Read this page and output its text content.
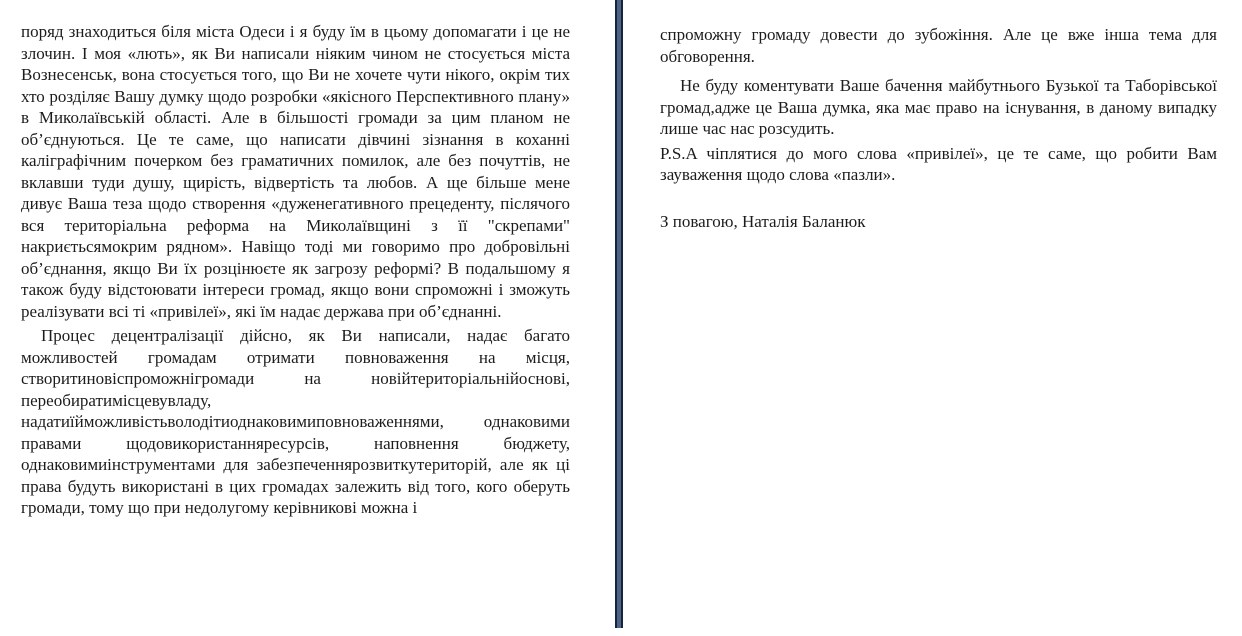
поряд знаходиться біля міста Одеси і я буду їм в цьому допомагати і це не злочин. І моя «лють», як Ви написали ніяким чином не стосується міста Вознесенськ, вона стосується того, що Ви не хочете чути нікого, окрім тих хто розділяє Вашу думку щодо розробки «якісного Перспективного плану» в Миколаївській області. Але в більшості громади за цим планом не об’єднуються. Це те саме, що написати дівчині зізнання в коханні каліграфічним почерком без граматичних помилок, але без почуттів, не вклавши туди душу, щирість, відвертість та любов. А ще більше мене дивує Ваша теза щодо створення «дуженегативного прецеденту, післячого вся територіальна реформа на Миколаївщині з її "скрепами" накриєтьсямокрим рядном». Навіщо тоді ми говоримо про добровільні об’єднання, якщо Ви їх розцінюєте як загрозу реформі? В подальшому я також буду відстоювати інтереси громад, якщо вони спроможні і зможуть реалізувати всі ті «привілеї», які їм надає держава при об’єднанні.

Процес децентралізації дійсно, як Ви написали, надає багато можливостей громадам отримати повноваження на місця, створитиновіспроможнігромади на новійтериторіальнійоснові, переобиратимісцевувладу, надатиїйможливістьволодітиоднаковимиповноваженнями, однаковими правами щодовикористанняресурсів, наповнення бюджету, однаковимиінструментами для забезпеченнярозвиткутериторій, але як ці права будуть використані в цих громадах залежить від того, кого оберуть громади, тому що при недолугому керівникові можна і

спроможну громаду довести до зубожіння. Але це вже інша тема для обговорення.

Не буду коментувати Ваше бачення майбутнього Бузької та Таборівської громад,адже це Ваша думка, яка має право на існування, в даному випадку лише час нас розсудить.

P.S.A чіплятися до мого слова «привілеї», це те саме, що робити Вам зауваження щодо слова «пазли».

З повагою, Наталія Баланюк
